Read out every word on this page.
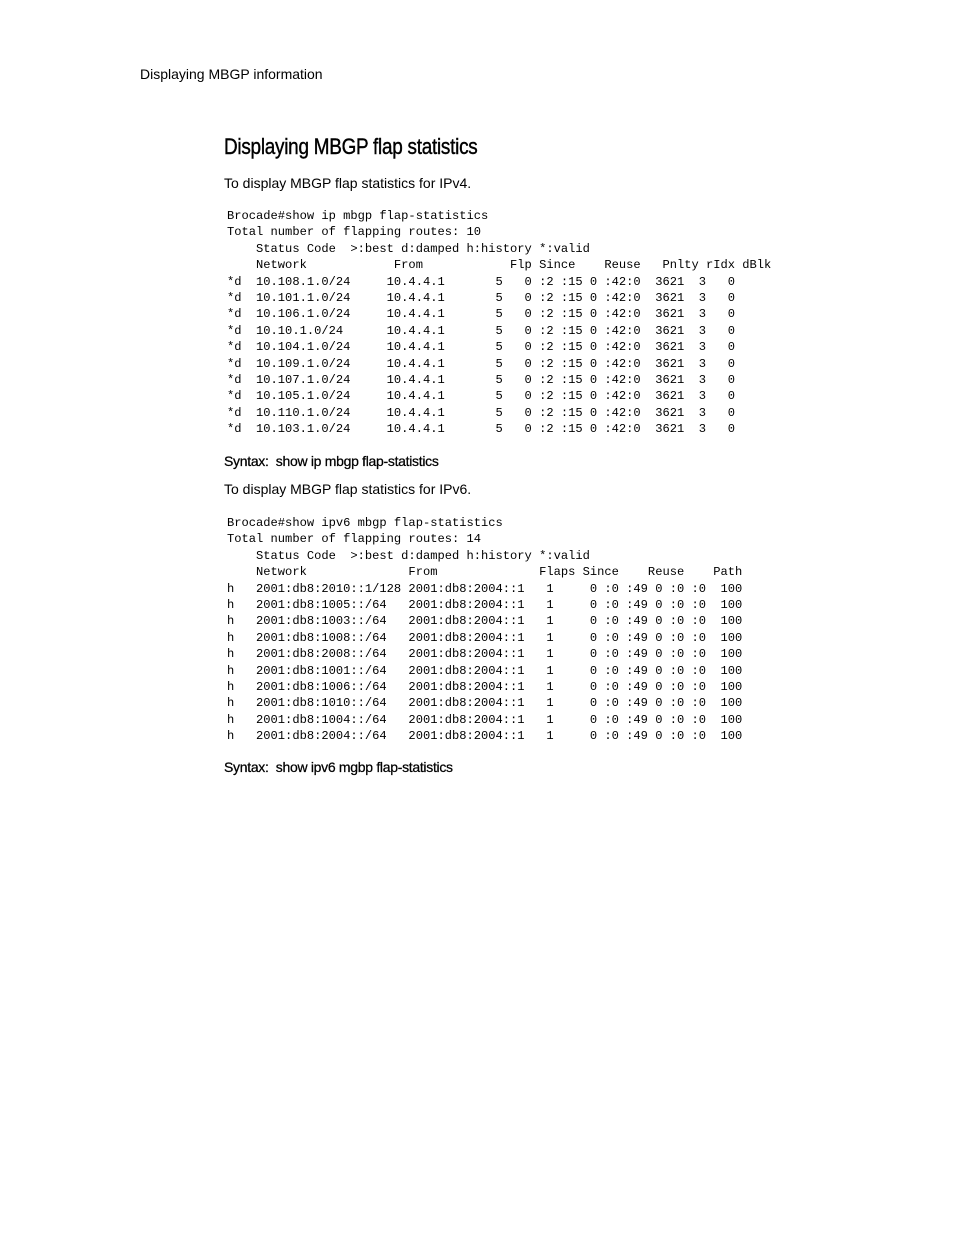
Displaying MBGP information

Displaying MBGP flap statistics

To display MBGP flap statistics for IPv4.

Brocade#show ip mbgp flap-statistics
Total number of flapping routes: 10
Status Code  >:best d:damped h:history *:valid
Network            From            Flp Since    Reuse   Pnlty rIdx dBlk
*d  10.108.1.0/24     10.4.4.1       5   0 :2 :15 0 :42:0  3621  3   0
*d  10.101.1.0/24     10.4.4.1       5   0 :2 :15 0 :42:0  3621  3   0
*d  10.106.1.0/24     10.4.4.1       5   0 :2 :15 0 :42:0  3621  3   0
*d  10.10.1.0/24      10.4.4.1       5   0 :2 :15 0 :42:0  3621  3   0
*d  10.104.1.0/24     10.4.4.1       5   0 :2 :15 0 :42:0  3621  3   0
*d  10.109.1.0/24     10.4.4.1       5   0 :2 :15 0 :42:0  3621  3   0
*d  10.107.1.0/24     10.4.4.1       5   0 :2 :15 0 :42:0  3621  3   0
*d  10.105.1.0/24     10.4.4.1       5   0 :2 :15 0 :42:0  3621  3   0
*d  10.110.1.0/24     10.4.4.1       5   0 :2 :15 0 :42:0  3621  3   0
*d  10.103.1.0/24     10.4.4.1       5   0 :2 :15 0 :42:0  3621  3   0

Syntax: show ip mbgp flap-statistics

To display MBGP flap statistics for IPv6.

Brocade#show ipv6 mbgp flap-statistics
Total number of flapping routes: 14
Status Code  >:best d:damped h:history *:valid
Network              From              Flaps Since    Reuse    Path
h   2001:db8:2010::1/128 2001:db8:2004::1   1     0 :0 :49 0 :0 :0  100
h   2001:db8:1005::/64   2001:db8:2004::1   1     0 :0 :49 0 :0 :0  100
h   2001:db8:1003::/64   2001:db8:2004::1   1     0 :0 :49 0 :0 :0  100
h   2001:db8:1008::/64   2001:db8:2004::1   1     0 :0 :49 0 :0 :0  100
h   2001:db8:2008::/64   2001:db8:2004::1   1     0 :0 :49 0 :0 :0  100
h   2001:db8:1001::/64   2001:db8:2004::1   1     0 :0 :49 0 :0 :0  100
h   2001:db8:1006::/64   2001:db8:2004::1   1     0 :0 :49 0 :0 :0  100
h   2001:db8:1010::/64   2001:db8:2004::1   1     0 :0 :49 0 :0 :0  100
h   2001:db8:1004::/64   2001:db8:2004::1   1     0 :0 :49 0 :0 :0  100
h   2001:db8:2004::/64   2001:db8:2004::1   1     0 :0 :49 0 :0 :0  100

Syntax: show ipv6 mgbp flap-statistics
